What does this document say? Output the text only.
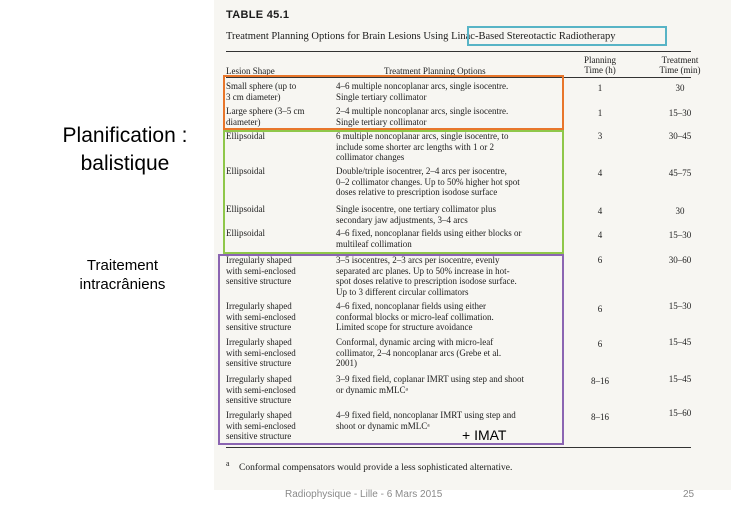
Planification :
balistique
Traitement
intracrâniens
TABLE 45.1
Treatment Planning Options for Brain Lesions Using Linac-Based Stereotactic Radiotherapy
Lesion Shape	Treatment Planning Options
Planning
Time (h)
Treatment
Time (min)
Small sphere (up to
3 cm diameter)
4–6 multiple noncoplanar arcs, single isocentre.
Single tertiary collimator
1	30
Large sphere (3–5 cm
diameter)
2–4 multiple noncoplanar arcs, single isocentre.
Single tertiary collimator
1	15–30
Ellipsoidal	6 multiple noncoplanar arcs, single isocentre, to
include some shorter arc lengths with 1 or 2
collimator changes
3	30–45
Ellipsoidal	Double/triple isocentrer, 2–4 arcs per isocentre,
0–2 collimator changes. Up to 50% higher hot spot
doses relative to prescription isodose surface
4	45–75
Ellipsoidal	Single isocentre, one tertiary collimator plus
secondary jaw adjustments, 3–4 arcs
4	30
Ellipsoidal	4–6 fixed, noncoplanar fields using either blocks or
multileaf collimation
4	15–30
Irregularly shaped
with semi-enclosed
sensitive structure
3–5 isocentres, 2–3 arcs per isocentre, evenly
separated arc planes. Up to 50% increase in hot-
spot doses relative to prescription isodose surface.
Up to 3 different circular collimators
6	30–60
Irregularly shaped
with semi-enclosed
sensitive structure
4–6 fixed, noncoplanar fields using either
conformal blocks or micro-leaf collimation.
Limited scope for structure avoidance
6	15–30
Irregularly shaped
with semi-enclosed
sensitive structure
Conformal, dynamic arcing with micro-leaf
collimator, 2–4 noncoplanar arcs (Grebe et al.
2001)
6	15–45
Irregularly shaped
with semi-enclosed
sensitive structure
3–9 fixed field, coplanar IMRT using step and shoot
or dynamic mMLCᵃ
8–16	15–45
Irregularly shaped
with semi-enclosed
sensitive structure
4–9 fixed field, noncoplanar IMRT using step and
shoot or dynamic mMLCᵃ
8–16	15–60
$^a$ Conformal compensators would provide a less sophisticated alternative.
+ IMAT
Radiophysique - Lille - 6 Mars 2015	25
